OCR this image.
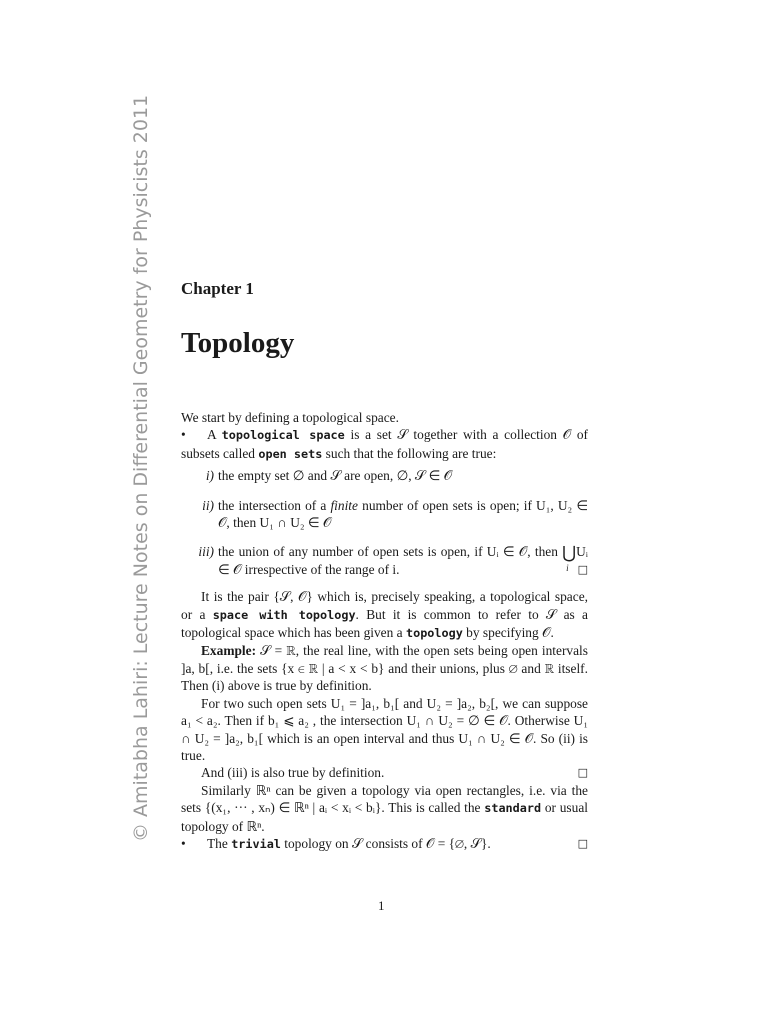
© Amitabha Lahiri: Lecture Notes on Differential Geometry for Physicists 2011 Chapter 1
Topology

We start by defining a topological space.

• A topological space is a set 𝒮 together with a collection 𝒪 of subsets called open sets such that the following are true:

i) the empty set ∅ and 𝒮 are open, ∅, 𝒮 ∈ 𝒪
ii) the intersection of a finite number of open sets is open; if U₁, U₂ ∈ 𝒪, then U₁ ∩ U₂ ∈ 𝒪
iii) the union of any number of open sets is open, if Uᵢ ∈ 𝒪, then ⋃
i
Uᵢ ∈ 𝒪 irrespective of the range of i.	□

It is the pair {𝒮, 𝒪} which is, precisely speaking, a topological space, or a space with topology. But it is common to refer to 𝒮 as a topological space which has been given a topology by specifying 𝒪.

Example: 𝒮 = ℝ, the real line, with the open sets being open intervals ]a, b[, i.e. the sets {x ∈ ℝ | a < x < b} and their unions, plus ∅ and ℝ itself. Then (i) above is true by definition.

For two such open sets U₁ = ]a₁, b₁[ and U₂ = ]a₂, b₂[, we can suppose a₁ < a₂. Then if b₁ ⩽ a₂ , the intersection U₁ ∩ U₂ = ∅ ∈ 𝒪. Otherwise U₁ ∩ U₂ = ]a₂, b₁[ which is an open interval and thus U₁ ∩ U₂ ∈ 𝒪. So (ii) is true.

And (iii) is also true by definition.	□

Similarly ℝⁿ can be given a topology via open rectangles, i.e. via the sets {(x₁, ··· , xₙ) ∈ ℝⁿ | aᵢ < xᵢ < bᵢ}. This is called the standard or usual topology of ℝⁿ.

• The trivial topology on 𝒮 consists of 𝒪 = {∅, 𝒮}.	□

1
